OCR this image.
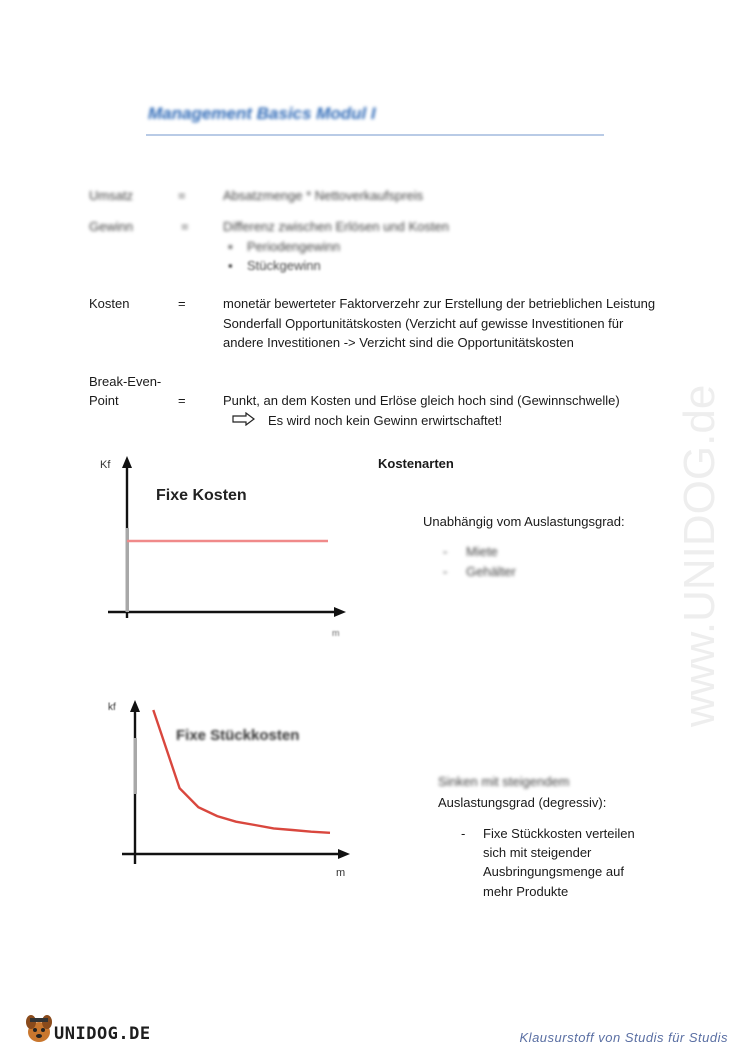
Management Basics Modul I
Umsatz	=	Absatzmenge * Nettoverkaufspreis
Gewinn	=	Differenz zwischen Erlösen und Kosten
▪ Periodengewinn
▪ Stückgewinn
Kosten	=	monetär bewerteter Faktorverzehr zur Erstellung der betrieblichen Leistung
Sonderfall Opportunitätskosten (Verzicht auf gewisse Investitionen für
andere Investitionen -> Verzicht sind die Opportunitätskosten
Break-Even-
Point	=	Punkt, an dem Kosten und Erlöse gleich hoch sind (Gewinnschwelle)
Es wird noch kein Gewinn erwirtschaftet!
Kostenarten
Kf
Fixe Kosten
m
Unabhängig vom Auslastungsgrad:
- Miete
- Gehälter
kf
Fixe Stückkosten
m
Sinken mit steigendem
Auslastungsgrad (degressiv):
- Fixe Stückkosten verteilen
sich mit steigender
Ausbringungsmenge auf
mehr Produkte
www.UNIDOG.de
UNIDOG.DE	Klausurstoff von Studis für Studis
